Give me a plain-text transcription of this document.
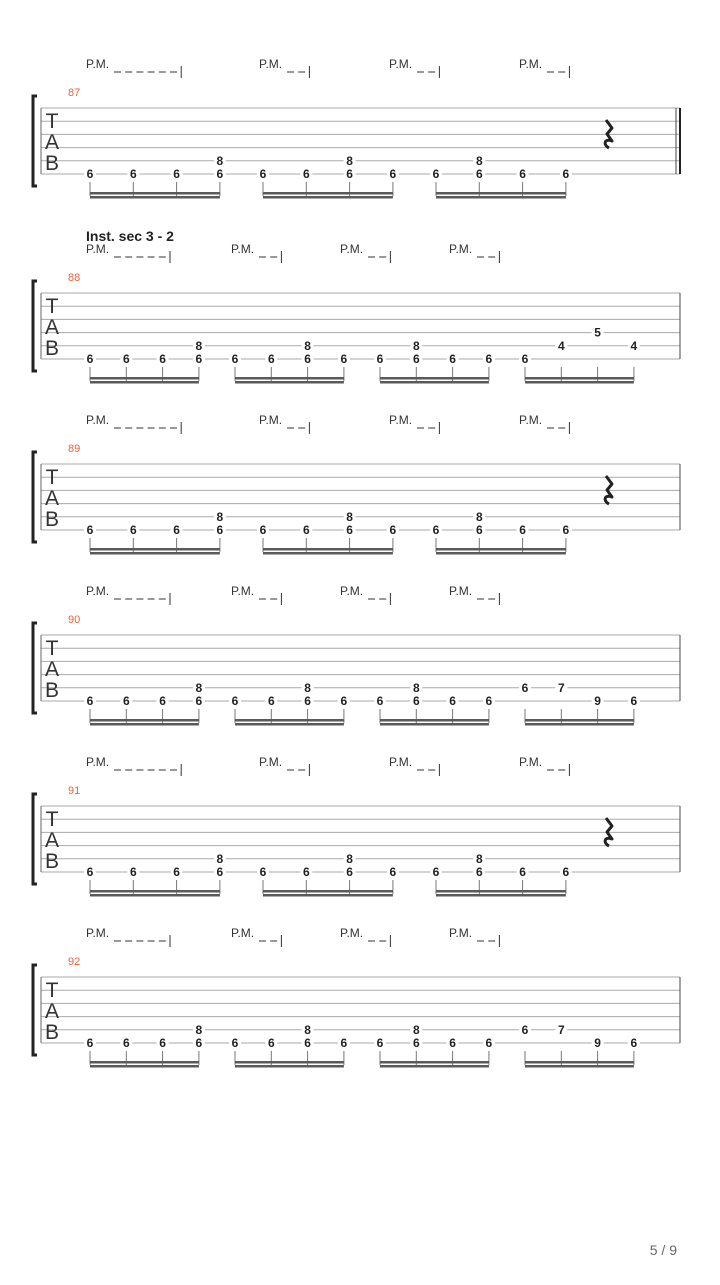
P.M.	P.M.	P.M.	P.M.
87
T
A
B 6	6	6	6
8
6	6	6
8
6	6	6
8
6	6
Inst. sec 3 - 2
P.M.	P.M.	P.M.	P.M.
88
T
A
B 6 6 6 6
8
6 6 6
8
6 6 6
8
6 6 6
4
5
4
P.M.	P.M.	P.M.	P.M.
89
T
A
B 6	6	6	6
8
6	6	6
8
6	6	6
8
6	6
P.M.	P.M.	P.M.	P.M.
90
T
A
B 6 6 6 6
8
6 6 6
8
6 6 6
8
6 6
6 7
9 6
P.M.	P.M.	P.M.	P.M.
91
T
A
B 6	6	6	6
8
6	6	6
8
6	6	6
8
6	6
P.M.	P.M.	P.M.	P.M.
92
T
A
B 6 6 6 6
8
6 6 6
8
6 6 6
8
6 6
6 7
9 6
5 / 9
